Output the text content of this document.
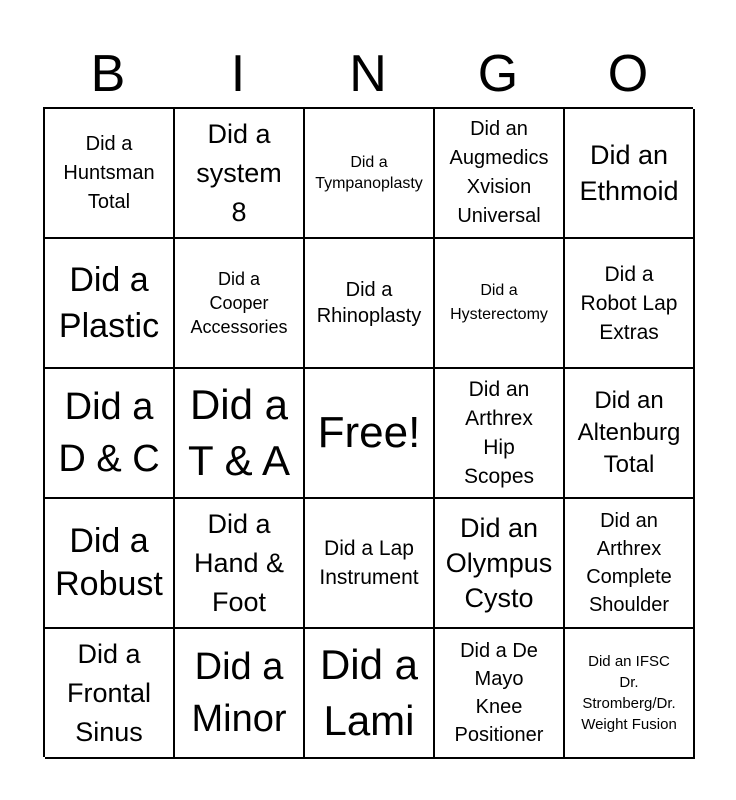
B	I	N	G	O
Did a
Huntsman
Total
Did a
system
8
Did a
Tympanoplasty
Did an
Augmedics
Xvision
Universal
Did an
Ethmoid
Did a
Plastic
Did a
Cooper
Accessories
Did a
Rhinoplasty
Did a
Hysterectomy
Did a
Robot Lap
Extras
Did a
D & C
Did a
T & A
Free!
Did an
Arthrex
Hip
Scopes
Did an
Altenburg
Total
Did a
Robust
Did a
Hand &
Foot
Did a Lap
Instrument
Did an
Olympus
Cysto
Did an
Arthrex
Complete
Shoulder
Did a
Frontal
Sinus
Did a
Minor
Did a
Lami
Did a De
Mayo
Knee
Positioner
Did an IFSC
Dr.
Stromberg/Dr.
Weight Fusion
